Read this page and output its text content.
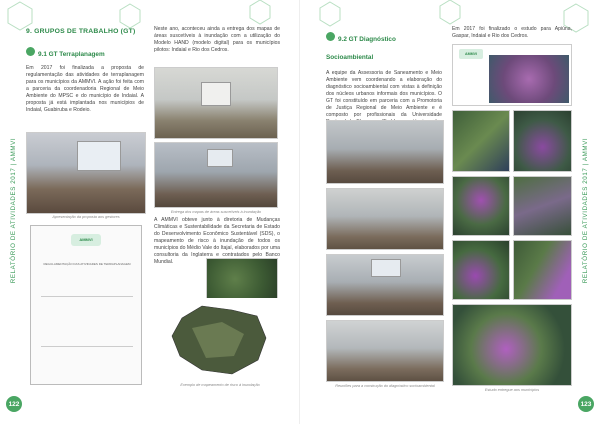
RELATÓRIO DE ATIVIDADES 2017 | AMMVI
9. GRUPOS DE TRABALHO (GT)
9.1 GT Terraplanagem

Em 2017 foi finalizada a proposta de regulamentação das atividades de terraplanagem para os municípios da AMMVI. A ação foi feita com a parceria da coordenadoria Regional de Meio Ambiente do MPSC e do município de Indaial. A proposta já está implantada nos municípios de Indaial, Guabiruba e Rodeio.

Apresentação da proposta aos gestores
AMMVI
REGULAMENTAÇÃO DAS ATIVIDADES DE TERRAPLANAGEM
122

Neste ano, aconteceu ainda a entrega dos mapas de áreas suscetíveis à inundação com a utilização do Modelo HAND (modelo digital) para os municípios pilotos: Indaial e Rio dos Cedros.

Entrega dos mapas de áreas suscetíveis à inundação

A AMMVI obteve junto à diretoria de Mudanças Climáticas e Sustentabilidade da Secretaria de Estado do Desenvolvimento Econômico Sustentável (SDS), o mapeamento de risco à inundação de todos os municípios do Médio Vale do Itajaí, elaborados por uma consultoria da Inglaterra e contratados pelo Banco Mundial.

Exemplo de mapeamento de risco à inundação
RELATÓRIO DE ATIVIDADES 2017 | AMMVI
9.2 GT Diagnóstico Socioambiental

A equipe da Assessoria de Saneamento e Meio Ambiente vem coordenando a elaboração do diagnóstico socioambiental com vistas à definição dos núcleos urbanos informais dos municípios. O GT foi constituído em parceria com a Promotoria de Justiça Regional de Meio Ambiente e é composto por profissionais da Universidade

Reuniões para a construção do diagnóstico socioambiental

Em 2017 foi finalizado o estudo para Apiúna, Gaspar, Indaial e Rio dos Cedros.

AMMVI
Estudo entregue aos municípios
123
